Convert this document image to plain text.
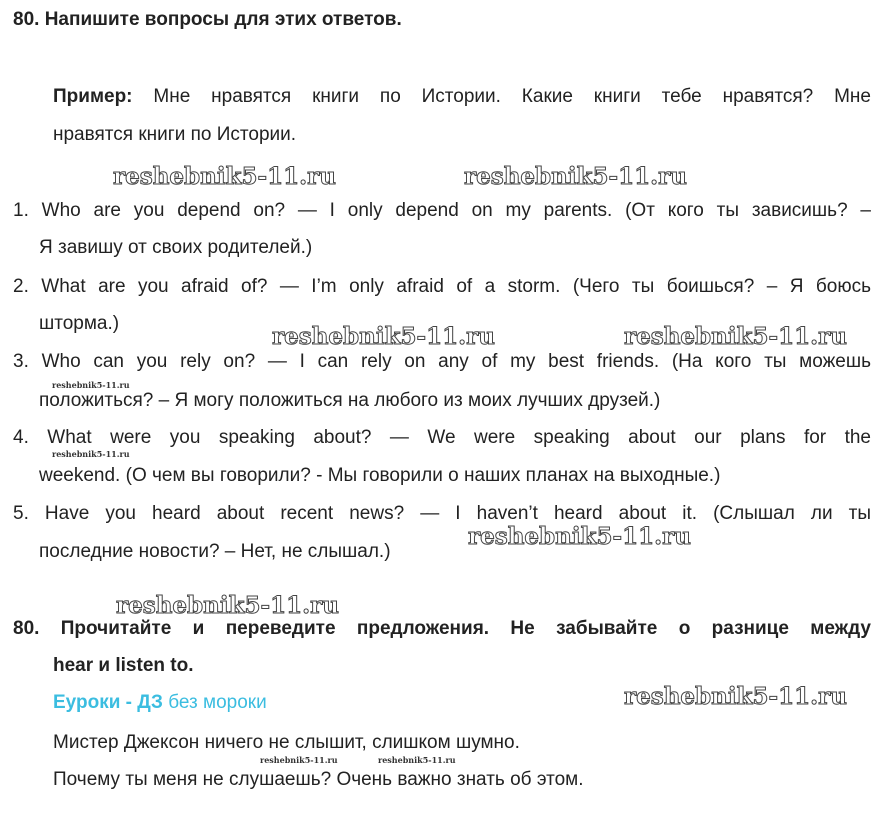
80. Напишите вопросы для этих ответов.
Пример: Мне нравятся книги по Истории. Какие книги тебе нравятся? Мне
нравятся книги по Истории.
reshebnik5-11.ru	reshebnik5-11.ru
1. Who are you depend on? — I only depend on my parents. (От кого ты зависишь? –
Я завишу от своих родителей.)
2. What are you afraid of? — I’m only afraid of a storm. (Чего ты боишься? – Я боюсь
шторма.)	reshebnik5-11.ru	reshebnik5-11.ru
3. Who can you rely on? — I can rely on any of my best friends. (На кого ты можешь
reshebnik5-11.ru
положиться? – Я могу положиться на любого из моих лучших друзей.)
4. What were you speaking about? — We were speaking about our plans for the
reshebnik5-11.ru
weekend. (О чем вы говорили? - Мы говорили о наших планах на выходные.)
5. Have you heard about recent news? — I haven’t heard about it. (Слышал ли ты
последние новости? – Нет, не слышал.)
reshebnik5-11.ru
reshebnik5-11.ru
80. Прочитайте и переведите предложения. Не забывайте о разнице между
hear и listen to.
Еуроки - ДЗ без мороки	reshebnik5-11.ru
Мистер Джексон ничего не слышит, слишком шумно.
reshebnik5-11.ru	reshebnik5-11.ru
Почему ты меня не слушаешь? Очень важно знать об этом.
